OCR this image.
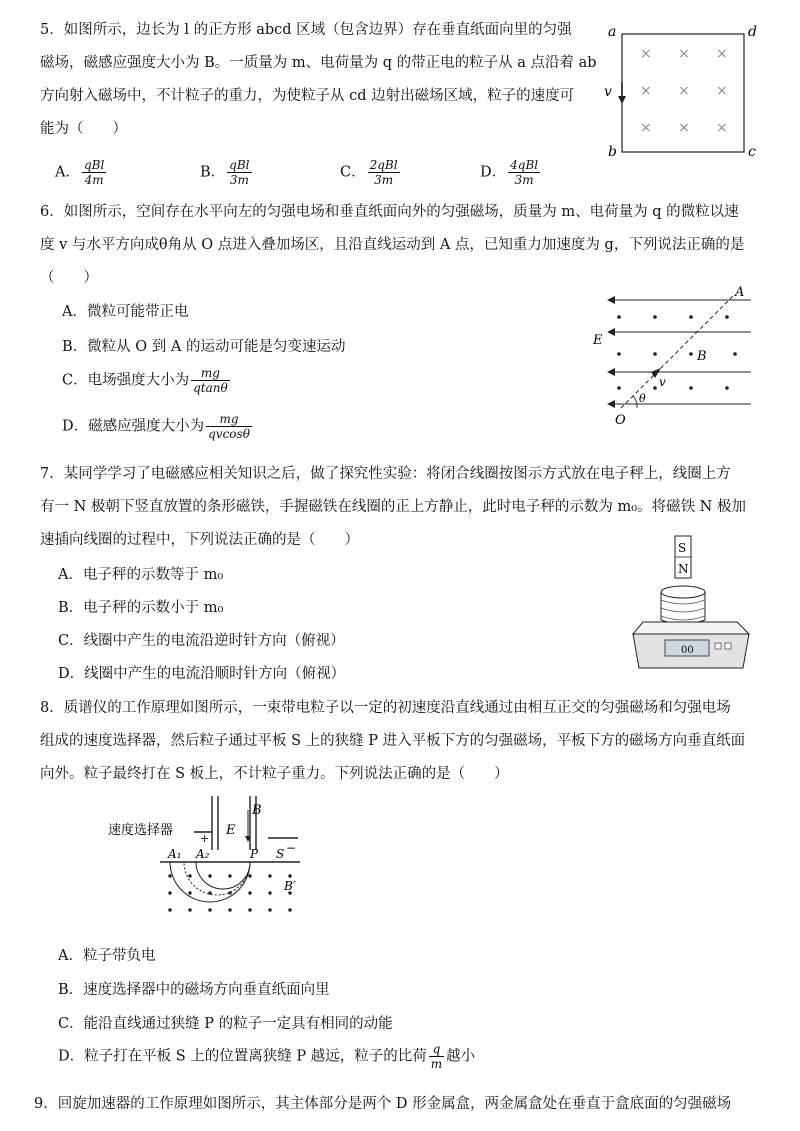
5．如图所示，边长为 l 的正方形 abcd 区域（包含边界）存在垂直纸面向里的匀强
磁场，磁感应强度大小为 B。一质量为 m、电荷量为 q 的带正电的粒子从 a 点沿着 ab
方向射入磁场中，不计粒子的重力，为使粒子从 cd 边射出磁场区域，粒子的速度可
能为（　　）
A． $\frac{\text{qBl}}{4m}$	B． $\frac{\text{qBl}}{3m}$	C． $\frac{\text{2qBl}}{3m}$	D． $\frac{\text{4qBl}}{3m}$
a	d
b	c
v
× × ×
× × ×
× × ×
6．如图所示，空间存在水平向左的匀强电场和垂直纸面向外的匀强磁场，质量为 m、电荷量为 q 的微粒以速
度 v 与水平方向成θ角从 O 点进入叠加场区，且沿直线运动到 A 点，已知重力加速度为 g，下列说法正确的是
（　　）
A．微粒可能带正电
B．微粒从 O 到 A 的运动可能是匀变速运动
C．电场强度大小为 $\frac{mg}{qtan\theta}$
D．磁感应强度大小为 $\frac{mg}{qvcos\theta}$
A
E
B
v
θ
O
7．某同学学习了电磁感应相关知识之后，做了探究性实验：将闭合线圈按图示方式放在电子秤上，线圈上方
有一 N 极朝下竖直放置的条形磁铁，手握磁铁在线圈的正上方静止，此时电子秤的示数为 m₀。将磁铁 N 极加
速插向线圈的过程中，下列说法正确的是（　　）
A．电子秤的示数等于 m₀
B．电子秤的示数小于 m₀
C．线圈中产生的电流沿逆时针方向（俯视）
D．线圈中产生的电流沿顺时针方向（俯视）
S
N
00
8．质谱仪的工作原理如图所示，一束带电粒子以一定的初速度沿直线通过由相互正交的匀强磁场和匀强电场
组成的速度选择器，然后粒子通过平板 S 上的狭缝 P 进入平板下方的匀强磁场，平板下方的磁场方向垂直纸面
向外。粒子最终打在 S 板上，不计粒子重力。下列说法正确的是（　　）
速度选择器
+
−
B
E
A₁ A₂	P S
B′
A．粒子带负电
B．速度选择器中的磁场方向垂直纸面向里
C．能沿直线通过狭缝 P 的粒子一定具有相同的动能
D．粒子打在平板 S 上的位置离狭缝 P 越远，粒子的比荷 $\frac{q}{m}$ 越小
9．回旋加速器的工作原理如图所示，其主体部分是两个 D 形金属盒，两金属盒处在垂直于盒底面的匀强磁场
